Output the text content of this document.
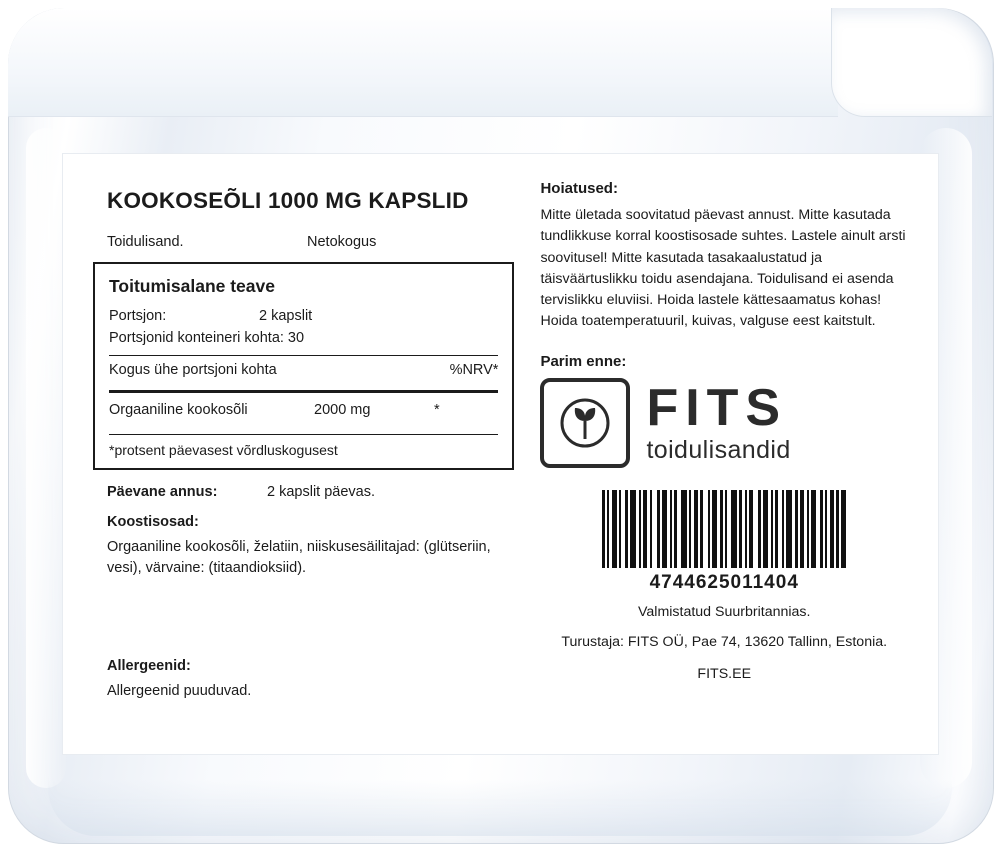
KOOKOSEÕLI 1000 MG KAPSLID
Toidulisand.	Netokogus
Toitumisalane teave
Portsjon:	2 kapslit
Portsjonid konteineri kohta: 30
Kogus ühe portsjoni kohta	%NRV*
Orgaaniline kookosõli	2000 mg	*
*protsent päevasest võrdluskogusest
Päevane annus:	2 kapslit päevas.
Koostisosad:
Orgaaniline kookosõli, želatiin, niiskusesäilitajad: (glütseriin, vesi), värvaine: (titaandioksiid).
Allergeenid:
Allergeenid puuduvad.
Hoiatused:
Mitte ületada soovitatud päevast annust. Mitte kasutada tundlikkuse korral koostisosade suhtes. Lastele ainult arsti soovitusel! Mitte kasutada tasakaalustatud ja täisväärtuslikku toidu asendajana. Toidulisand ei asenda tervislikku eluviisi. Hoida lastele kättesaamatus kohas! Hoida toatemperatuuril, kuivas, valguse eest kaitstult.
Parim enne:
FITS
toidulisandid
4744625011404
Valmistatud Suurbritannias.
Turustaja: FITS OÜ, Pae 74, 13620 Tallinn, Estonia.
FITS.EE
